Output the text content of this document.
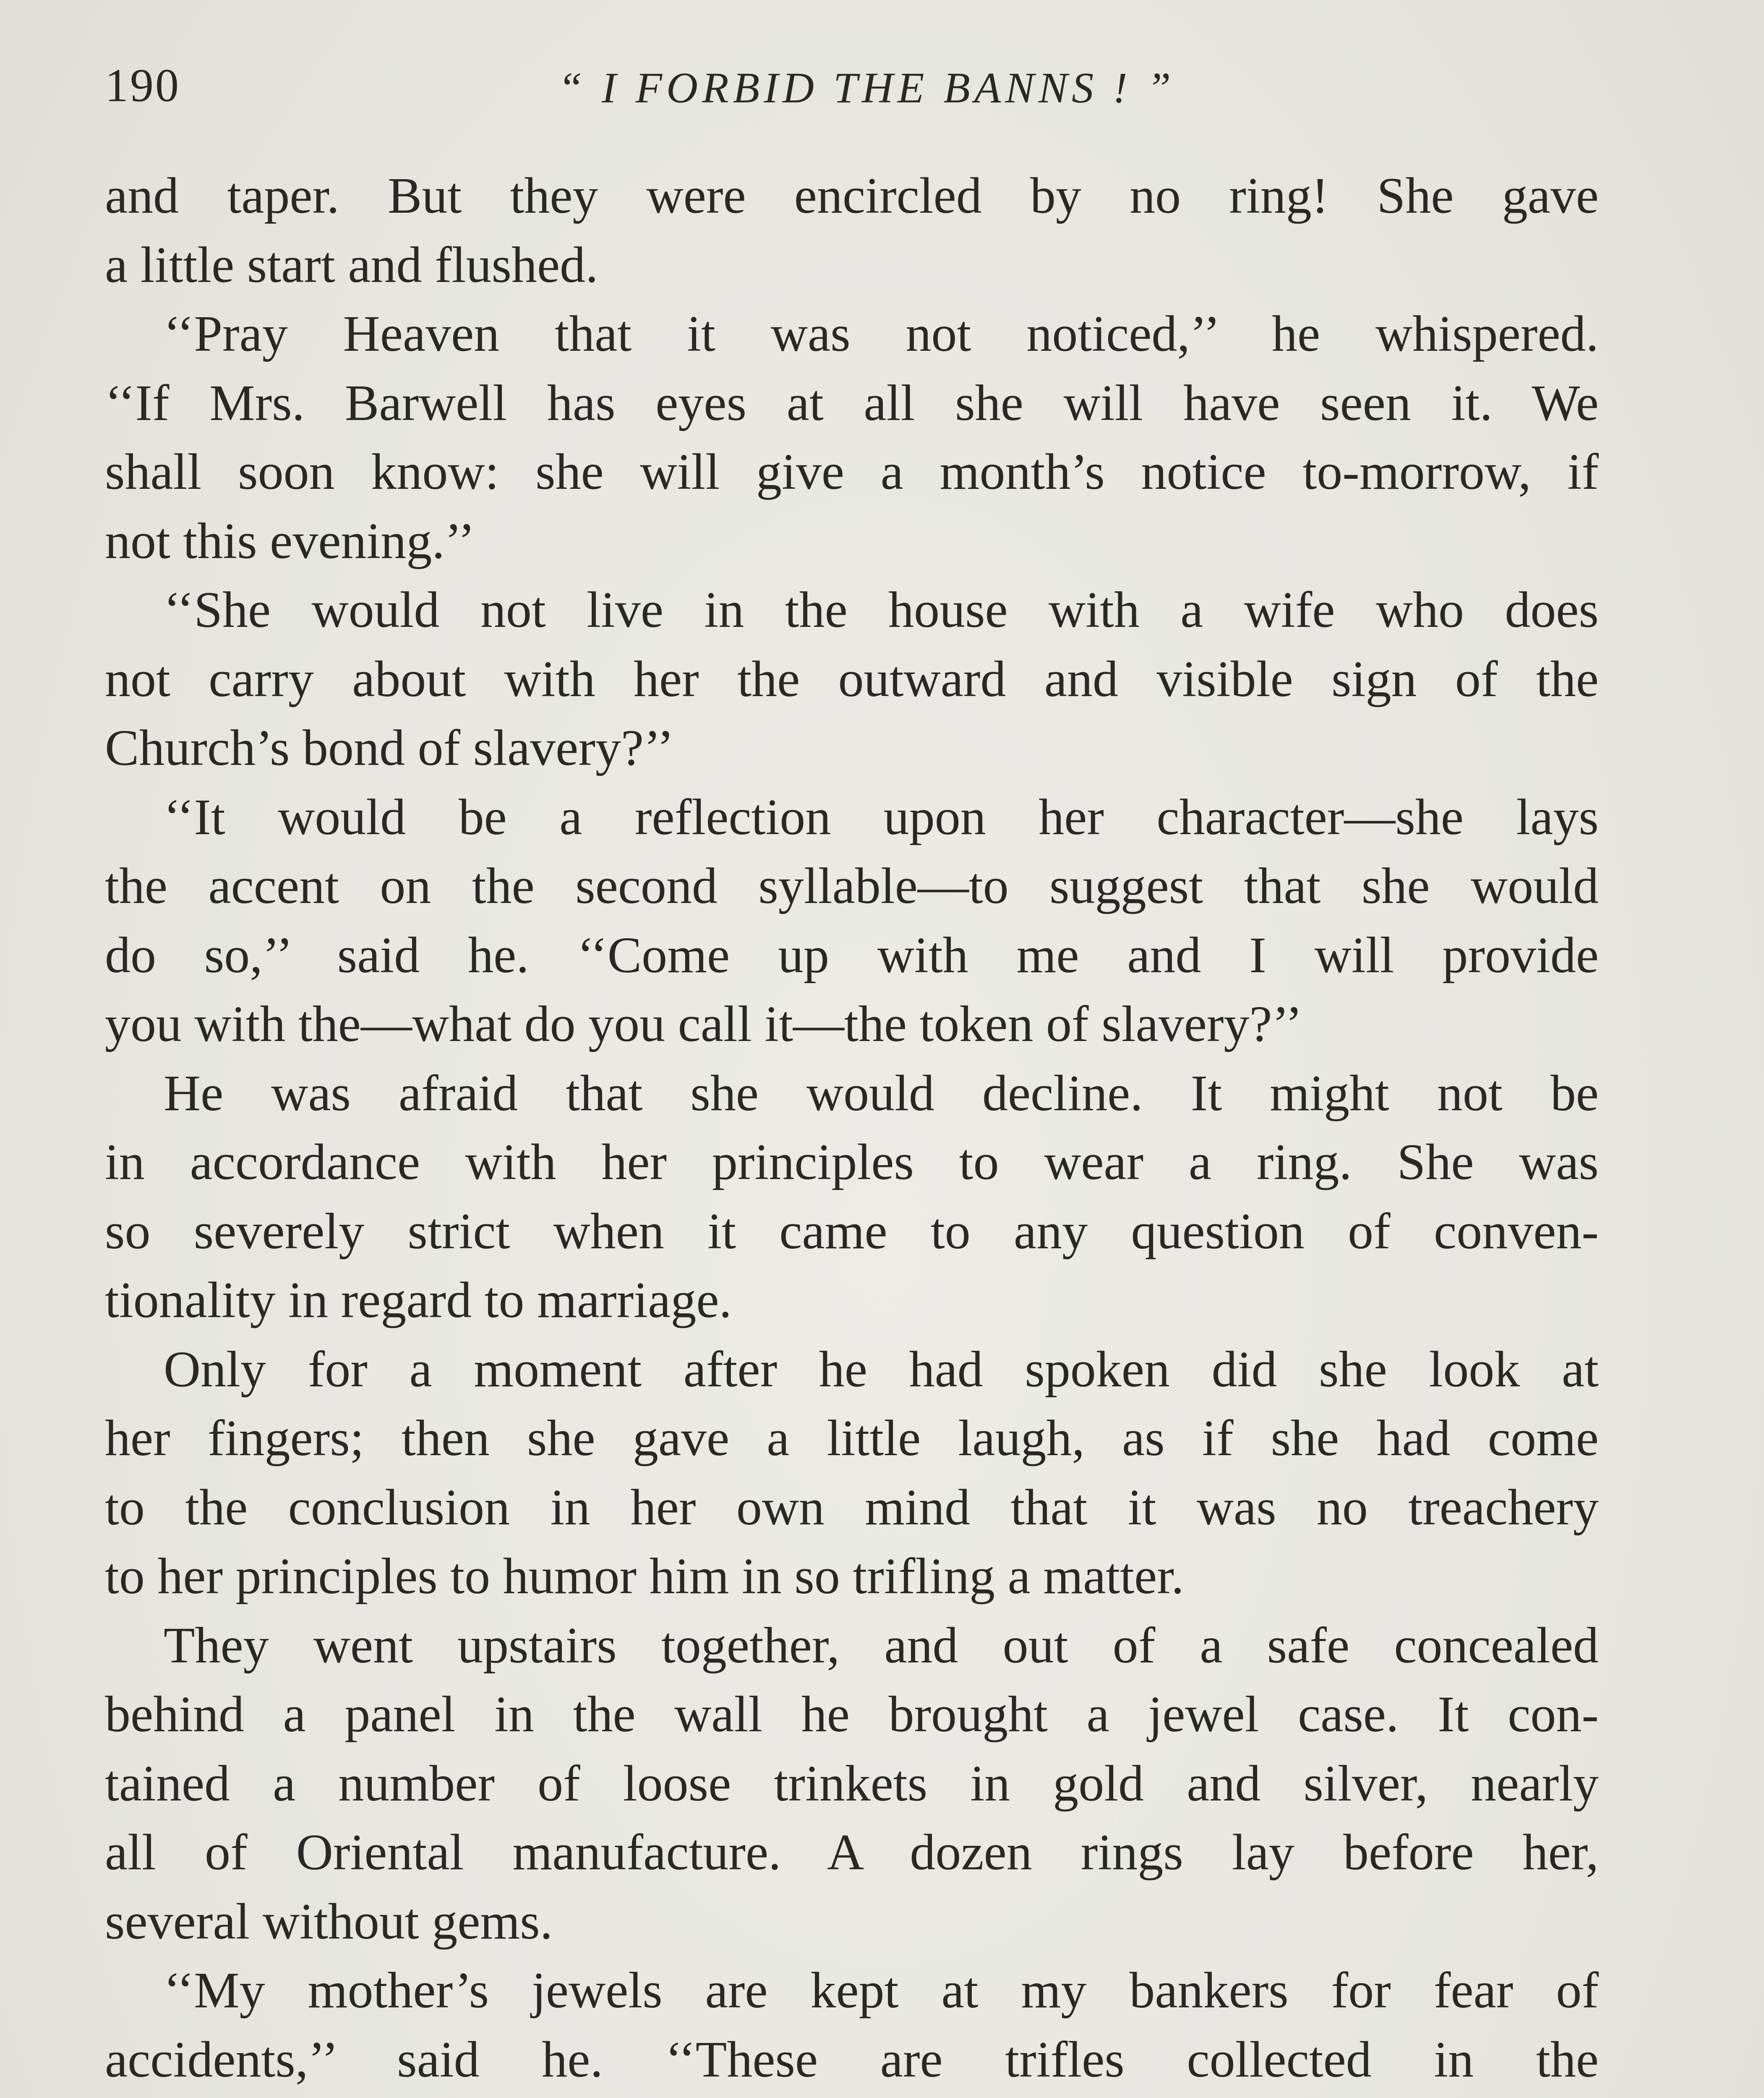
190	“ I FORBID THE BANNS ! ”
and taper. But they were encircled by no ring! She gave
a little start and flushed.
‘‘Pray Heaven that it was not noticed,’’ he whispered.
‘‘If Mrs. Barwell has eyes at all she will have seen it. We
shall soon know: she will give a month’s notice to-morrow, if
not this evening.’’
‘‘She would not live in the house with a wife who does
not carry about with her the outward and visible sign of the
Church’s bond of slavery?’’
‘‘It would be a reflection upon her character—she lays
the accent on the second syllable—to suggest that she would
do so,’’ said he. ‘‘Come up with me and I will provide
you with the—what do you call it—the token of slavery?’’
He was afraid that she would decline. It might not be
in accordance with her principles to wear a ring. She was
so severely strict when it came to any question of conven-
tionality in regard to marriage.
Only for a moment after he had spoken did she look at
her fingers; then she gave a little laugh, as if she had come
to the conclusion in her own mind that it was no treachery
to her principles to humor him in so trifling a matter.
They went upstairs together, and out of a safe concealed
behind a panel in the wall he brought a jewel case. It con-
tained a number of loose trinkets in gold and silver, nearly
all of Oriental manufacture. A dozen rings lay before her,
several without gems.
‘‘My mother’s jewels are kept at my bankers for fear of
accidents,’’ said he. ‘‘These are trifles collected in the
